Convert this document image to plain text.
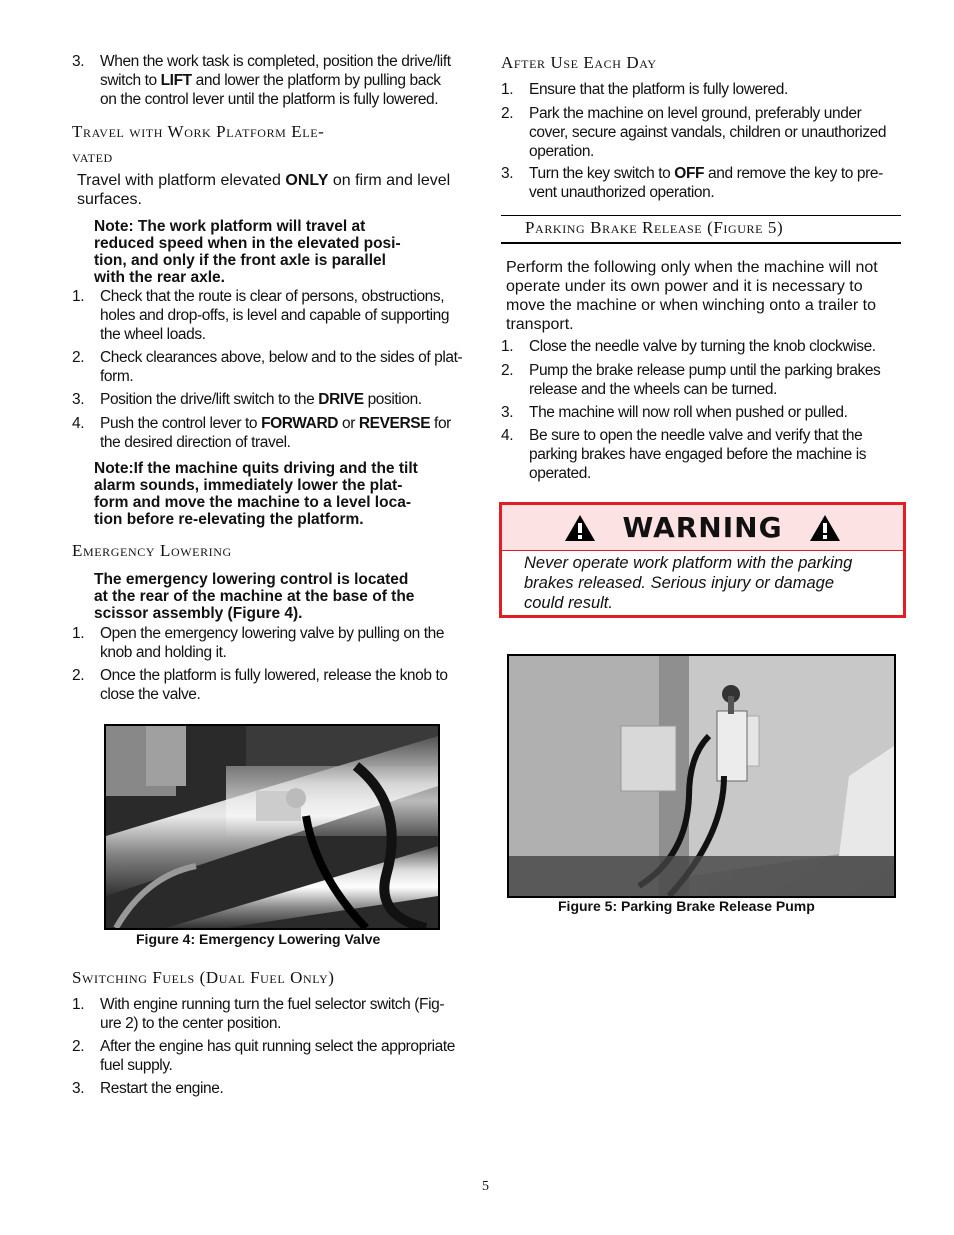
3. When the work task is completed, position the drive/lift
switch to LIFT and lower the platform by pulling back
on the control lever until the platform is fully lowered.
Travel with Work Platform Ele-
vated
Travel with platform elevated ONLY on firm and level
surfaces.
Note: The work platform will travel at
reduced speed when in the elevated posi-
tion, and only if the front axle is parallel
with the rear axle.
1. Check that the route is clear of persons, obstructions,
holes and drop-offs, is level and capable of supporting
the wheel loads.
2. Check clearances above, below and to the sides of plat-
form.
3. Position the drive/lift switch to the DRIVE position.
4. Push the control lever to FORWARD or REVERSE for
the desired direction of travel.
Note:If the machine quits driving and the tilt
alarm sounds, immediately lower the plat-
form and move the machine to a level loca-
tion before re-elevating the platform.
Emergency Lowering
The emergency lowering control is located
at the rear of the machine at the base of the
scissor assembly (Figure 4).
1. Open the emergency lowering valve by pulling on the
knob and holding it.
2. Once the platform is fully lowered, release the knob to
close the valve.
Figure 4: Emergency Lowering Valve
Switching Fuels (Dual Fuel Only)
1. With engine running turn the fuel selector switch (Fig-
ure 2) to the center position.
2. After the engine has quit running select the appropriate
fuel supply.
3. Restart the engine.
After Use Each Day
1. Ensure that the platform is fully lowered.
2. Park the machine on level ground, preferably under
cover, secure against vandals, children or unauthorized
operation.
3. Turn the key switch to OFF and remove the key to pre-
vent unauthorized operation.
Parking Brake Release (Figure 5)
Perform the following only when the machine will not
operate under its own power and it is necessary to
move the machine or when winching onto a trailer to
transport.
1. Close the needle valve by turning the knob clockwise.
2. Pump the brake release pump until the parking brakes
release and the wheels can be turned.
3. The machine will now roll when pushed or pulled.
4. Be sure to open the needle valve and verify that the
parking brakes have engaged before the machine is
operated.
WARNING
Never operate work platform with the parking
brakes released. Serious injury or damage
could result.
Figure 5: Parking Brake Release Pump
5
